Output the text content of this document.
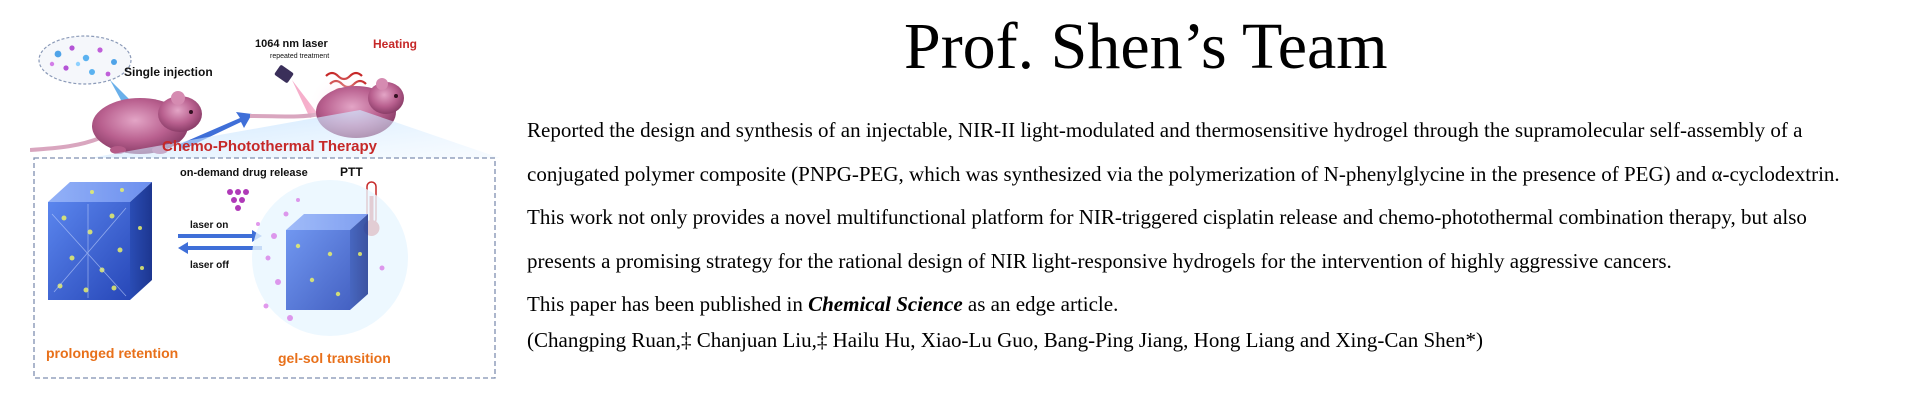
Single injection
1064 nm laser
repeated treatment
Heating
Chemo-Photothermal Therapy
on-demand drug release	PTT
laser on
laser off
prolonged retention	gel-sol transition
Prof. Shen’s Team

Reported the design and synthesis of an injectable, NIR-II light-modulated and thermosensitive hydrogel through the supramolecular self-assembly of a

conjugated polymer composite (PNPG-PEG, which was synthesized via the polymerization of N-phenylglycine in the presence of PEG) and α-cyclodextrin.

This work not only provides a novel multifunctional platform for NIR-triggered cisplatin release and chemo-photothermal combination therapy, but also

presents a promising strategy for the rational design of NIR light-responsive hydrogels for the intervention of highly aggressive cancers.

This paper has been published in Chemical Science as an edge article.

(Changping Ruan,‡ Chanjuan Liu,‡ Hailu Hu, Xiao-Lu Guo, Bang-Ping Jiang, Hong Liang and Xing-Can Shen*)
